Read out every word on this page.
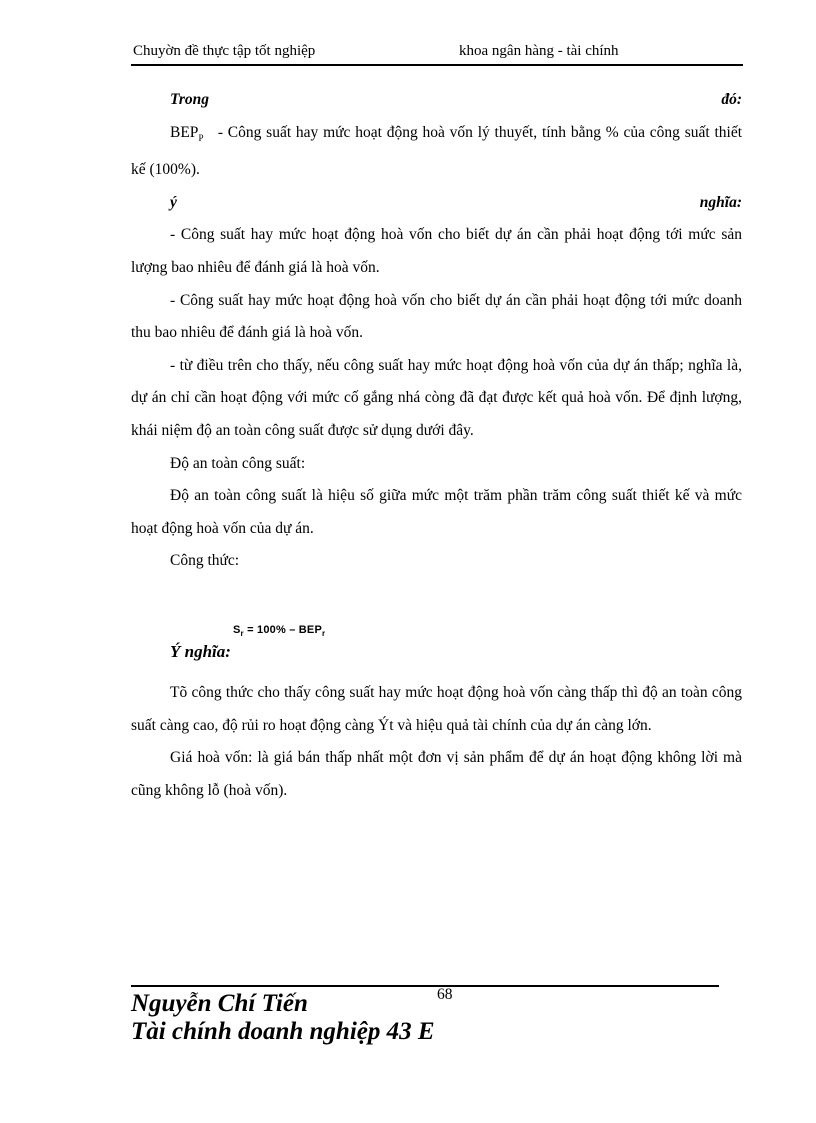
Chuyờn đề thực tập tốt nghiệp	khoa ngân hàng - tài chính
Trong	đó:

$BEP_P$ - Công suất hay mức hoạt động hoà vốn lý thuyết, tính bằng % của công suất thiết kế (100%).

ý	nghĩa:

- Công suất hay mức hoạt động hoà vốn cho biết dự án cần phải hoạt động tới mức sản lượng bao nhiêu để đánh giá là hoà vốn.

- Công suất hay mức hoạt động hoà vốn cho biết dự án cần phải hoạt động tới mức doanh thu bao nhiêu để đánh giá là hoà vốn.

- từ điều trên cho thấy, nếu công suất hay mức hoạt động hoà vốn của dự án thấp; nghĩa là, dự án chỉ cần hoạt động với mức cố gắng nhá còng đã đạt được kết quả hoà vốn. Để định lượng, khái niệm độ an toàn công suất được sử dụng dưới đây.

Độ an toàn công suất:

Độ an toàn công suất là hiệu số giữa mức một trăm phần trăm công suất thiết kế và mức hoạt động hoà vốn của dự án.

Công thức:

$S_r = 100\% - BEP_r$
Ý nghĩa:

Tõ công thức cho thấy công suất hay mức hoạt động hoà vốn càng thấp thì độ an toàn công suất càng cao, độ rủi ro hoạt động càng Ýt và hiệu quả tài chính của dự án càng lớn.

Giá hoà vốn: là giá bán thấp nhất một đơn vị sản phẩm để dự án hoạt động không lời mà cũng không lỗ (hoà vốn).

68
Nguyễn Chí Tiến
Tài chính doanh nghiệp 43 E
